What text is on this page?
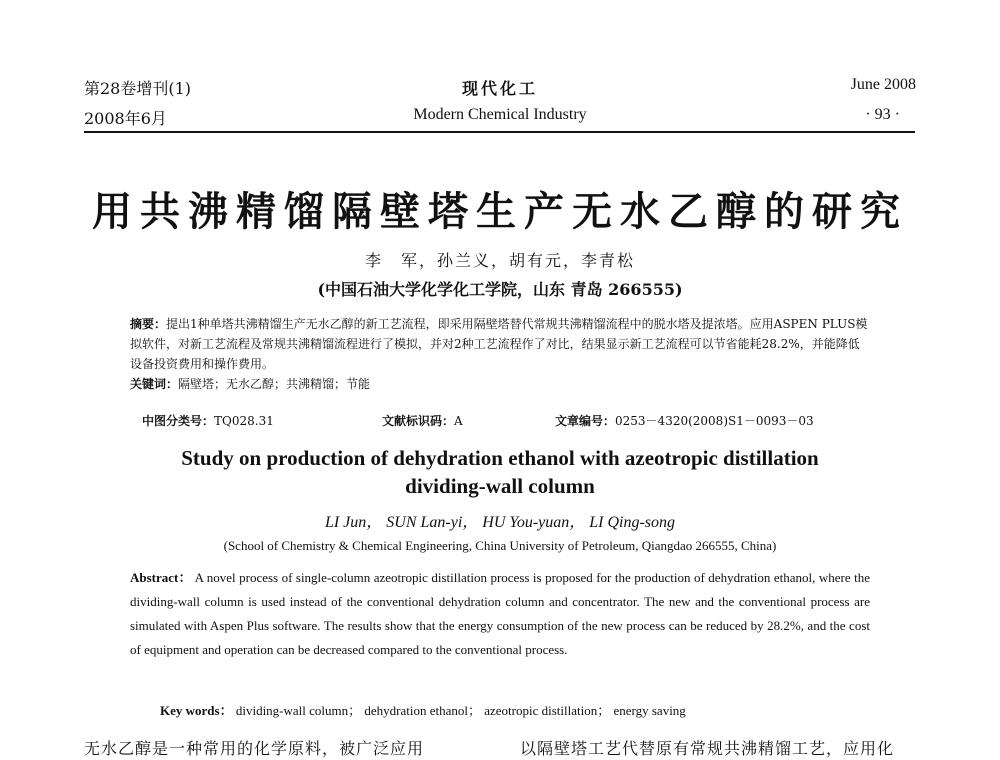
第28卷增刊(1)
2008年6月
现代化工
Modern Chemical Industry
June 2008
· 93 ·
用共沸精馏隔壁塔生产无水乙醇的研究
李　军，孙兰义，胡有元，李青松
(中国石油大学化学化工学院，山东 青岛 266555)
摘要：提出1种单塔共沸精馏生产无水乙醇的新工艺流程，即采用隔壁塔替代常规共沸精馏流程中的脱水塔及提浓塔。应用ASPEN PLUS模拟软件，对新工艺流程及常规共沸精馏流程进行了模拟，并对2种工艺流程作了对比，结果显示新工艺流程可以节省能耗28.2%，并能降低设备投资费用和操作费用。
关键词：隔壁塔；无水乙醇；共沸精馏；节能
中图分类号：TQ028.31	文献标识码：A	文章编号：0253－4320(2008)S1－0093－03
Study on production of dehydration ethanol with azeotropic distillation
dividing-wall column
LI Jun， SUN Lan-yi， HU You-yuan， LI Qing-song
(School of Chemistry & Chemical Engineering, China University of Petroleum, Qiangdao 266555, China)
Abstract： A novel process of single-column azeotropic distillation process is proposed for the production of dehydration ethanol, where the dividing-wall column is used instead of the conventional dehydration column and concentrator. The new and the conventional process are simulated with Aspen Plus software. The results show that the energy consumption of the new process can be reduced by 28.2%, and the cost of equipment and operation can be decreased compared to the conventional process.
Key words： dividing-wall column； dehydration ethanol； azeotropic distillation； energy saving
无水乙醇是一种常用的化学原料，被广泛应用	以隔壁塔工艺代替原有常规共沸精馏工艺，应用化
